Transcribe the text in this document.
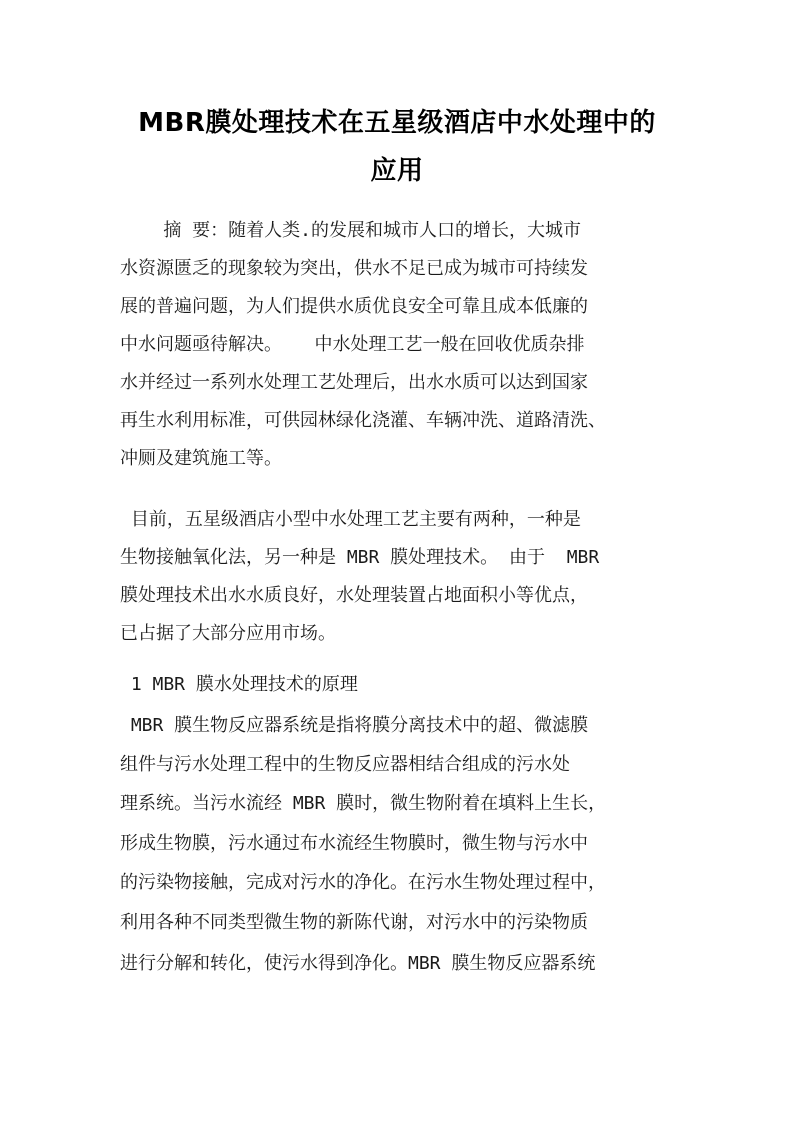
MBR膜处理技术在五星级酒店中水处理中的
应用
摘 要：随着人类.的发展和城市人口的增长，大城市
水资源匮乏的现象较为突出，供水不足已成为城市可持续发
展的普遍问题，为人们提供水质优良安全可靠且成本低廉的
中水问题亟待解决。   中水处理工艺一般在回收优质杂排
水并经过一系列水处理工艺处理后，出水水质可以达到国家
再生水利用标准，可供园林绿化浇灌、车辆冲洗、道路清洗、
冲厕及建筑施工等。
目前，五星级酒店小型中水处理工艺主要有两种，一种是
生物接触氧化法，另一种是 MBR 膜处理技术。 由于  MBR
膜处理技术出水水质良好，水处理装置占地面积小等优点，
已占据了大部分应用市场。
1 MBR 膜水处理技术的原理
MBR 膜生物反应器系统是指将膜分离技术中的超、微滤膜
组件与污水处理工程中的生物反应器相结合组成的污水处
理系统。当污水流经 MBR 膜时，微生物附着在填料上生长，
形成生物膜，污水通过布水流经生物膜时，微生物与污水中
的污染物接触，完成对污水的净化。在污水生物处理过程中，
利用各种不同类型微生物的新陈代谢，对污水中的污染物质
进行分解和转化，使污水得到净化。MBR 膜生物反应器系统
